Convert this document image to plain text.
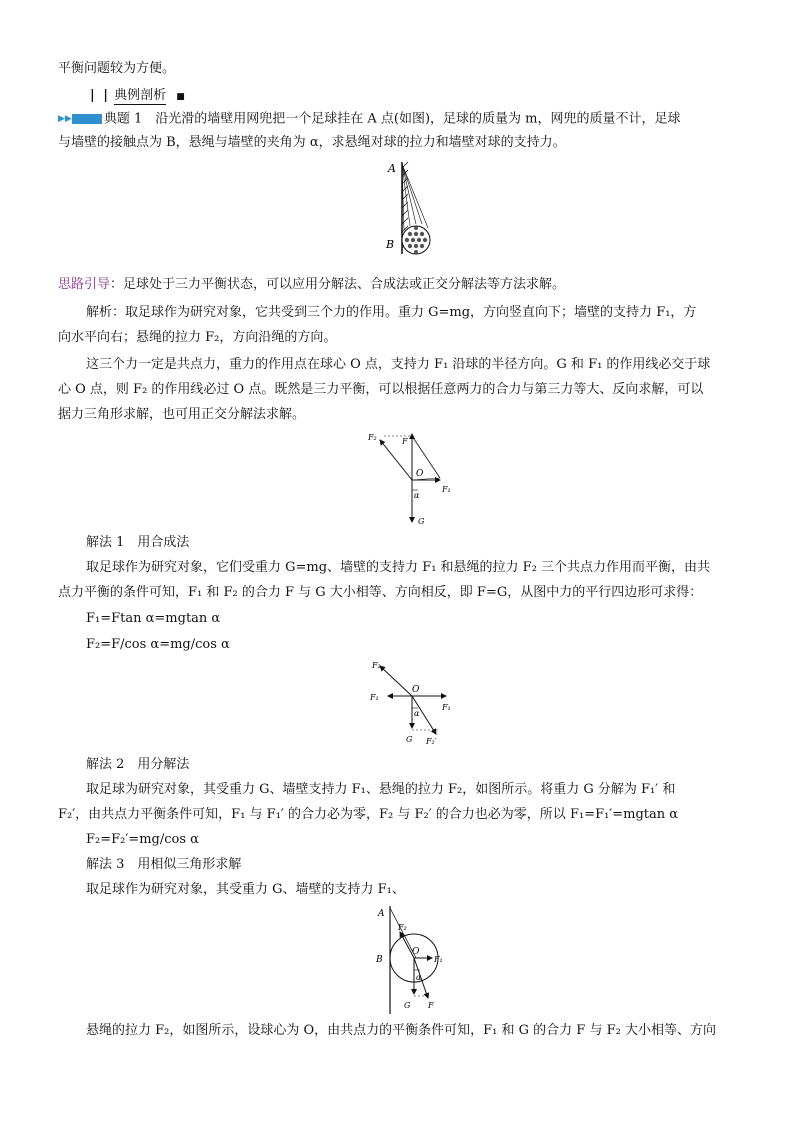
平衡问题较为方便。
| | 典例剖析 ■
▶▶ 典题 1　沿光滑的墙壁用网兜把一个足球挂在 A 点(如图)，足球的质量为 m，网兜的质量不计，足球
与墙壁的接触点为 B，悬绳与墙壁的夹角为 α，求悬绳对球的拉力和墙壁对球的支持力。
A
B
思路引导：足球处于三力平衡状态，可以应用分解法、合成法或正交分解法等方法求解。
解析：取足球作为研究对象，它共受到三个力的作用。重力 G=mg，方向竖直向下；墙壁的支持力 F₁，方
向水平向右；悬绳的拉力 F₂，方向沿绳的方向。
这三个力一定是共点力，重力的作用点在球心 O 点，支持力 F₁ 沿球的半径方向。G 和 F₁ 的作用线必交于球
心 O 点，则 F₂ 的作用线必过 O 点。既然是三力平衡，可以根据任意两力的合力与第三力等大、反向求解，可以
据力三角形求解，也可用正交分解法求解。
F₂	F
O
F₁
α
G
解法 1　用合成法
取足球作为研究对象，它们受重力 G=mg、墙壁的支持力 F₁ 和悬绳的拉力 F₂ 三个共点力作用而平衡，由共
点力平衡的条件可知，F₁ 和 F₂ 的合力 F 与 G 大小相等、方向相反，即 F=G，从图中力的平行四边形可求得：
F₁=Ftan α=mgtan α
F₂=F/cos α=mg/cos α
F₂
O
F₁
F₁
α
G F₂′
解法 2　用分解法
取足球为研究对象，其受重力 G、墙壁支持力 F₁、悬绳的拉力 F₂，如图所示。将重力 G 分解为 F₁′ 和
F₂′，由共点力平衡条件可知，F₁ 与 F₁′ 的合力必为零，F₂ 与 F₂′ 的合力也必为零，所以 F₁=F₁′=mgtan α
F₂=F₂′=mg/cos α
解法 3　用相似三角形求解
取足球作为研究对象，其受重力 G、墙壁的支持力 F₁、
A
F₂
B
O
F₁
α
G F
悬绳的拉力 F₂，如图所示，设球心为 O，由共点力的平衡条件可知，F₁ 和 G 的合力 F 与 F₂ 大小相等、方向
